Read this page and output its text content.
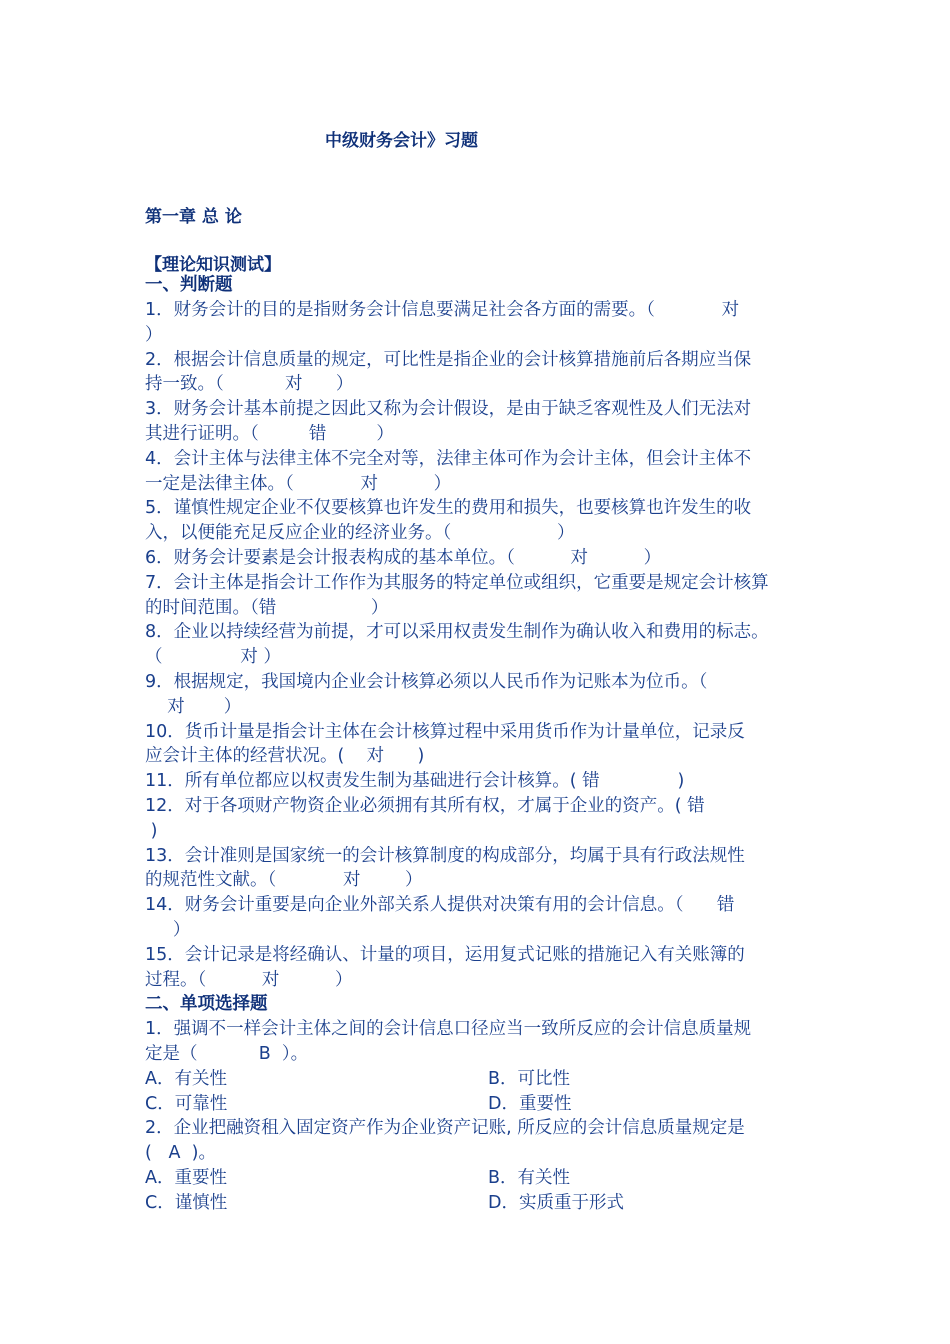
中级财务会计》习题
第一章 总 论
【理论知识测试】
一、判断题
1．财务会计的目的是指财务会计信息要满足社会各方面的需要。（            对
）
2．根据会计信息质量的规定，可比性是指企业的会计核算措施前后各期应当保
持一致。（           对      ）
3．财务会计基本前提之因此又称为会计假设，是由于缺乏客观性及人们无法对
其进行证明。（         错         ）
4．会计主体与法律主体不完全对等，法律主体可作为会计主体，但会计主体不
一定是法律主体。（            对          ）
5．谨慎性规定企业不仅要核算也许发生的费用和损失，也要核算也许发生的收
入，以便能充足反应企业的经济业务。（                   ）
6．财务会计要素是会计报表构成的基本单位。（          对          ）
7．会计主体是指会计工作作为其服务的特定单位或组织，它重要是规定会计核算
的时间范围。（错                 ）
8．企业以持续经营为前提，才可以采用权责发生制作为确认收入和费用的标志。
（              对 ）
9．根据规定，我国境内企业会计核算必须以人民币作为记账本为位币。（
对       ）
10．货币计量是指会计主体在会计核算过程中采用货币作为计量单位，记录反
应会计主体的经营状况。(    对      )
11．所有单位都应以权责发生制为基础进行会计核算。( 错              )
12．对于各项财产物资企业必须拥有其所有权，才属于企业的资产。( 错
)
13．会计准则是国家统一的会计核算制度的构成部分，均属于具有行政法规性
的规范性文献。（            对        ）
14．财务会计重要是向企业外部关系人提供对决策有用的会计信息。（      错
）
15．会计记录是将经确认、计量的项目，运用复式记账的措施记入有关账簿的
过程。（          对          ）
二、单项选择题
1．强调不一样会计主体之间的会计信息口径应当一致所反应的会计信息质量规
定是（           B  ）。
A．有关性	B．可比性
C．可靠性	D．重要性
2．企业把融资租入固定资产作为企业资产记账, 所反应的会计信息质量规定是
(   A  )。
A．重要性	B．有关性
C．谨慎性	D．实质重于形式
